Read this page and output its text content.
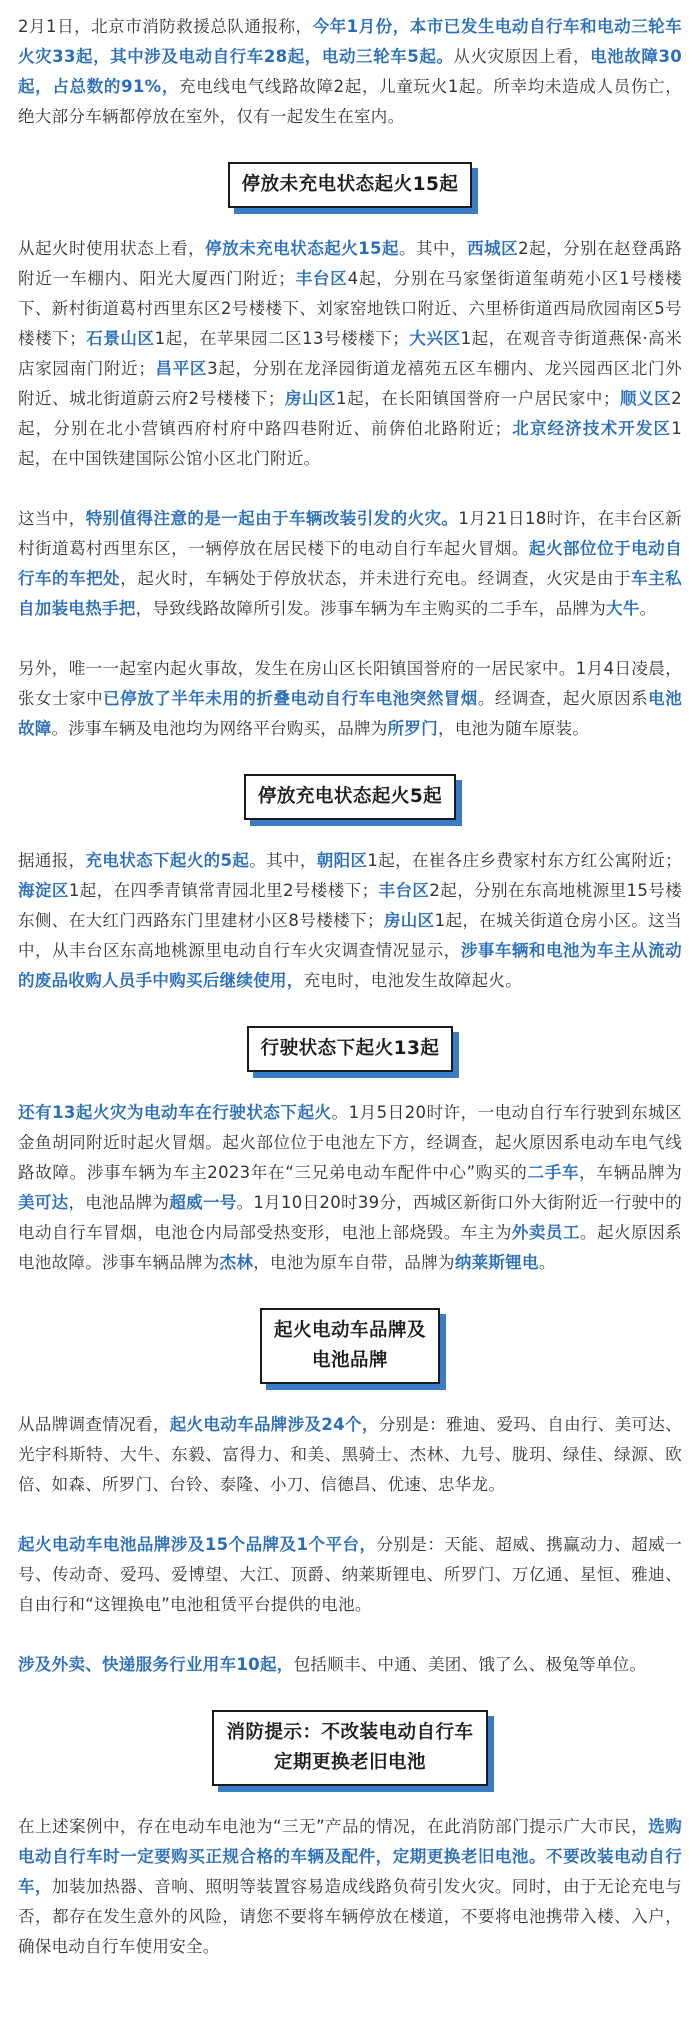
2月1日，北京市消防救援总队通报称，今年1月份，本市已发生电动自行车和电动三轮车火灾33起，其中涉及电动自行车28起，电动三轮车5起。从火灾原因上看，电池故障30起，占总数的91%，充电线电气线路故障2起，儿童玩火1起。所幸均未造成人员伤亡，绝大部分车辆都停放在室外，仅有一起发生在室内。

停放未充电状态起火15起

从起火时使用状态上看，停放未充电状态起火15起。其中，西城区2起，分别在赵登禹路附近一车棚内、阳光大厦西门附近；丰台区4起，分别在马家堡街道玺萌苑小区1号楼楼下、新村街道葛村西里东区2号楼楼下、刘家窑地铁口附近、六里桥街道西局欣园南区5号楼楼下；石景山区1起，在苹果园二区13号楼楼下；大兴区1起，在观音寺街道燕保·高米店家园南门附近；昌平区3起，分别在龙泽园街道龙禧苑五区车棚内、龙兴园西区北门外附近、城北街道蔚云府2号楼楼下；房山区1起，在长阳镇国誉府一户居民家中；顺义区2起，分别在北小营镇西府村府中路四巷附近、前倴伯北路附近；北京经济技术开发区1起，在中国铁建国际公馆小区北门附近。

这当中，特别值得注意的是一起由于车辆改装引发的火灾。1月21日18时许，在丰台区新村街道葛村西里东区，一辆停放在居民楼下的电动自行车起火冒烟。起火部位位于电动自行车的车把处，起火时，车辆处于停放状态，并未进行充电。经调查，火灾是由于车主私自加装电热手把，导致线路故障所引发。涉事车辆为车主购买的二手车，品牌为大牛。

另外，唯一一起室内起火事故，发生在房山区长阳镇国誉府的一居民家中。1月4日凌晨，张女士家中已停放了半年未用的折叠电动自行车电池突然冒烟。经调查，起火原因系电池故障。涉事车辆及电池均为网络平台购买，品牌为所罗门，电池为随车原装。

停放充电状态起火5起

据通报，充电状态下起火的5起。其中，朝阳区1起，在崔各庄乡费家村东方红公寓附近；海淀区1起，在四季青镇常青园北里2号楼楼下；丰台区2起，分别在东高地桃源里15号楼东侧、在大红门西路东门里建材小区8号楼楼下；房山区1起，在城关街道仓房小区。这当中，从丰台区东高地桃源里电动自行车火灾调查情况显示，涉事车辆和电池为车主从流动的废品收购人员手中购买后继续使用，充电时，电池发生故障起火。

行驶状态下起火13起

还有13起火灾为电动车在行驶状态下起火。1月5日20时许，一电动自行车行驶到东城区金鱼胡同附近时起火冒烟。起火部位位于电池左下方，经调查，起火原因系电动车电气线路故障。涉事车辆为车主2023年在“三兄弟电动车配件中心”购买的二手车，车辆品牌为美可达，电池品牌为超威一号。1月10日20时39分，西城区新街口外大街附近一行驶中的电动自行车冒烟，电池仓内局部受热变形，电池上部烧毁。车主为外卖员工。起火原因系电池故障。涉事车辆品牌为杰林，电池为原车自带，品牌为纳莱斯锂电。

起火电动车品牌及
电池品牌

从品牌调查情况看，起火电动车品牌涉及24个，分别是：雅迪、爱玛、自由行、美可达、光宇科斯特、大牛、东毅、富得力、和美、黑骑士、杰林、九号、胧玥、绿佳、绿源、欧倍、如森、所罗门、台铃、泰隆、小刀、信德昌、优速、忠华龙。

起火电动车电池品牌涉及15个品牌及1个平台，分别是：天能、超威、携赢动力、超威一号、传动奇、爱玛、爱博望、大江、顶爵、纳莱斯锂电、所罗门、万亿通、星恒、雅迪、自由行和“这锂换电”电池租赁平台提供的电池。

涉及外卖、快递服务行业用车10起，包括顺丰、中通、美团、饿了么、极兔等单位。

消防提示：不改装电动自行车
定期更换老旧电池

在上述案例中，存在电动车电池为“三无”产品的情况，在此消防部门提示广大市民，选购电动自行车时一定要购买正规合格的车辆及配件，定期更换老旧电池。不要改装电动自行车，加装加热器、音响、照明等装置容易造成线路负荷引发火灾。同时，由于无论充电与否，都存在发生意外的风险，请您不要将车辆停放在楼道，不要将电池携带入楼、入户，确保电动自行车使用安全。
